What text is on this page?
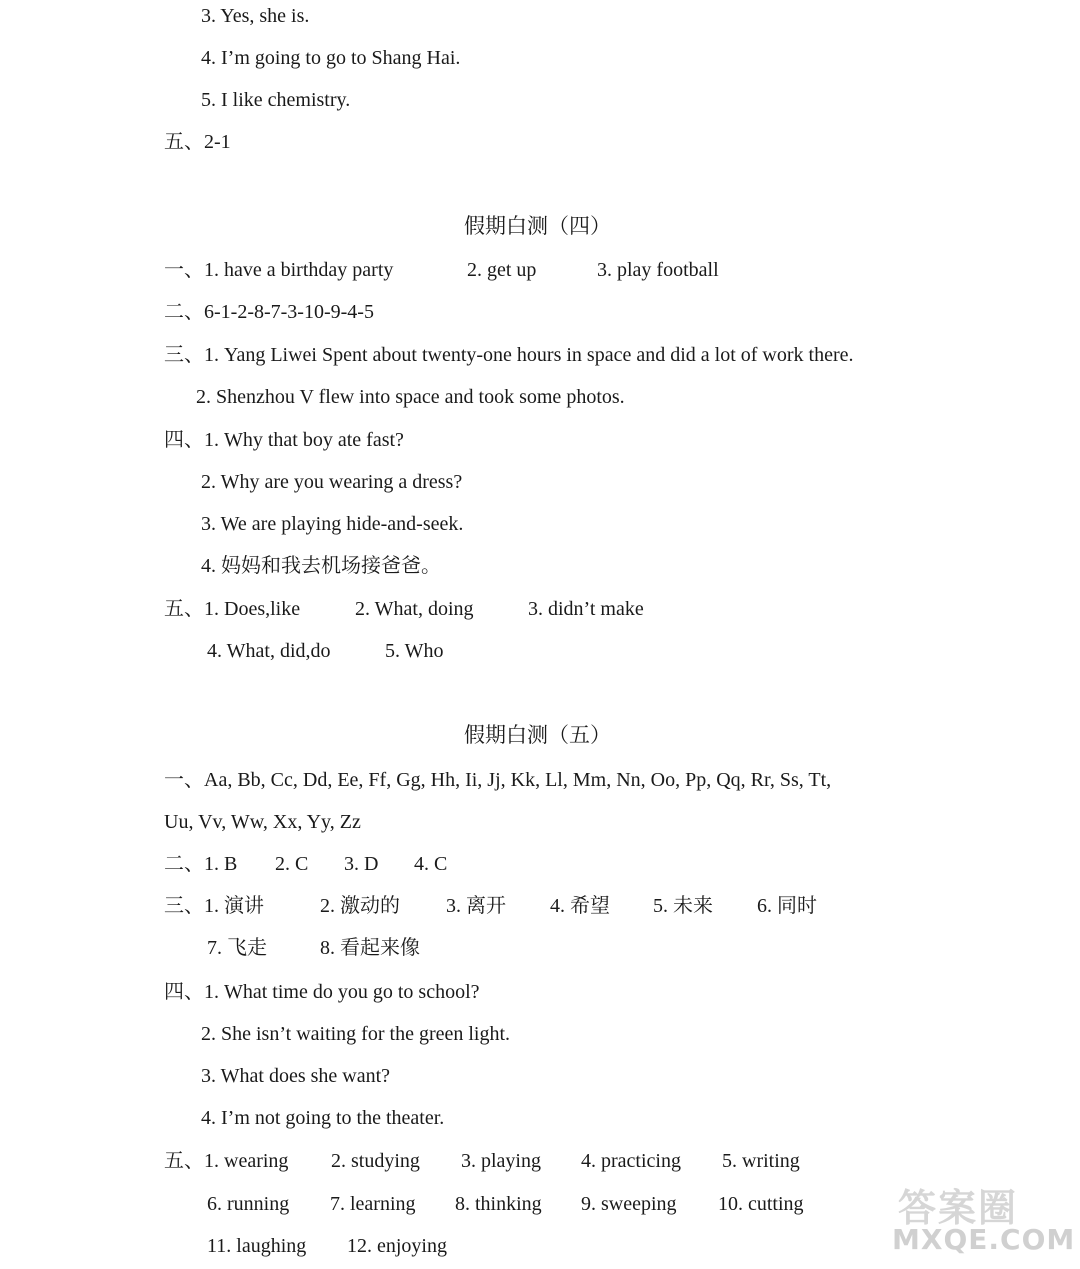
3. Yes, she is.
4. I’m going to go to Shang Hai.
5. I like chemistry.
五、2-1
假期白测（四）
一、1. have a birthday party	2. get up	3. play football
二、6-1-2-8-7-3-10-9-4-5
三、1. Yang Liwei Spent about twenty-one hours in space and did a lot of work there.
2. Shenzhou V flew into space and took some photos.
四、1. Why that boy ate fast?
2. Why are you wearing a dress?
3. We are playing hide-and-seek.
4. 妈妈和我去机场接爸爸。
五、1. Does,like	2. What, doing	3. didn’t make
4. What, did,do	5. Who
假期白测（五）
一、Aa, Bb, Cc, Dd, Ee, Ff, Gg, Hh, Ii, Jj, Kk, Ll, Mm, Nn, Oo, Pp, Qq, Rr, Ss, Tt,
Uu, Vv, Ww, Xx, Yy, Zz
二、1. B 2. C 3. D 4. C
三、1. 演讲	2. 激动的 3. 离开 4. 希望 5. 未来 6. 同时
7. 飞走	8. 看起来像
四、1. What time do you go to school?
2. She isn’t waiting for the green light.
3. What does she want?
4. I’m not going to the theater.
五、1. wearing 2. studying 3. playing 4. practicing 5. writing
6. running 7. learning 8. thinking 9. sweeping 10. cutting
11. laughing 12. enjoying
答案圈
MXQE.COM
